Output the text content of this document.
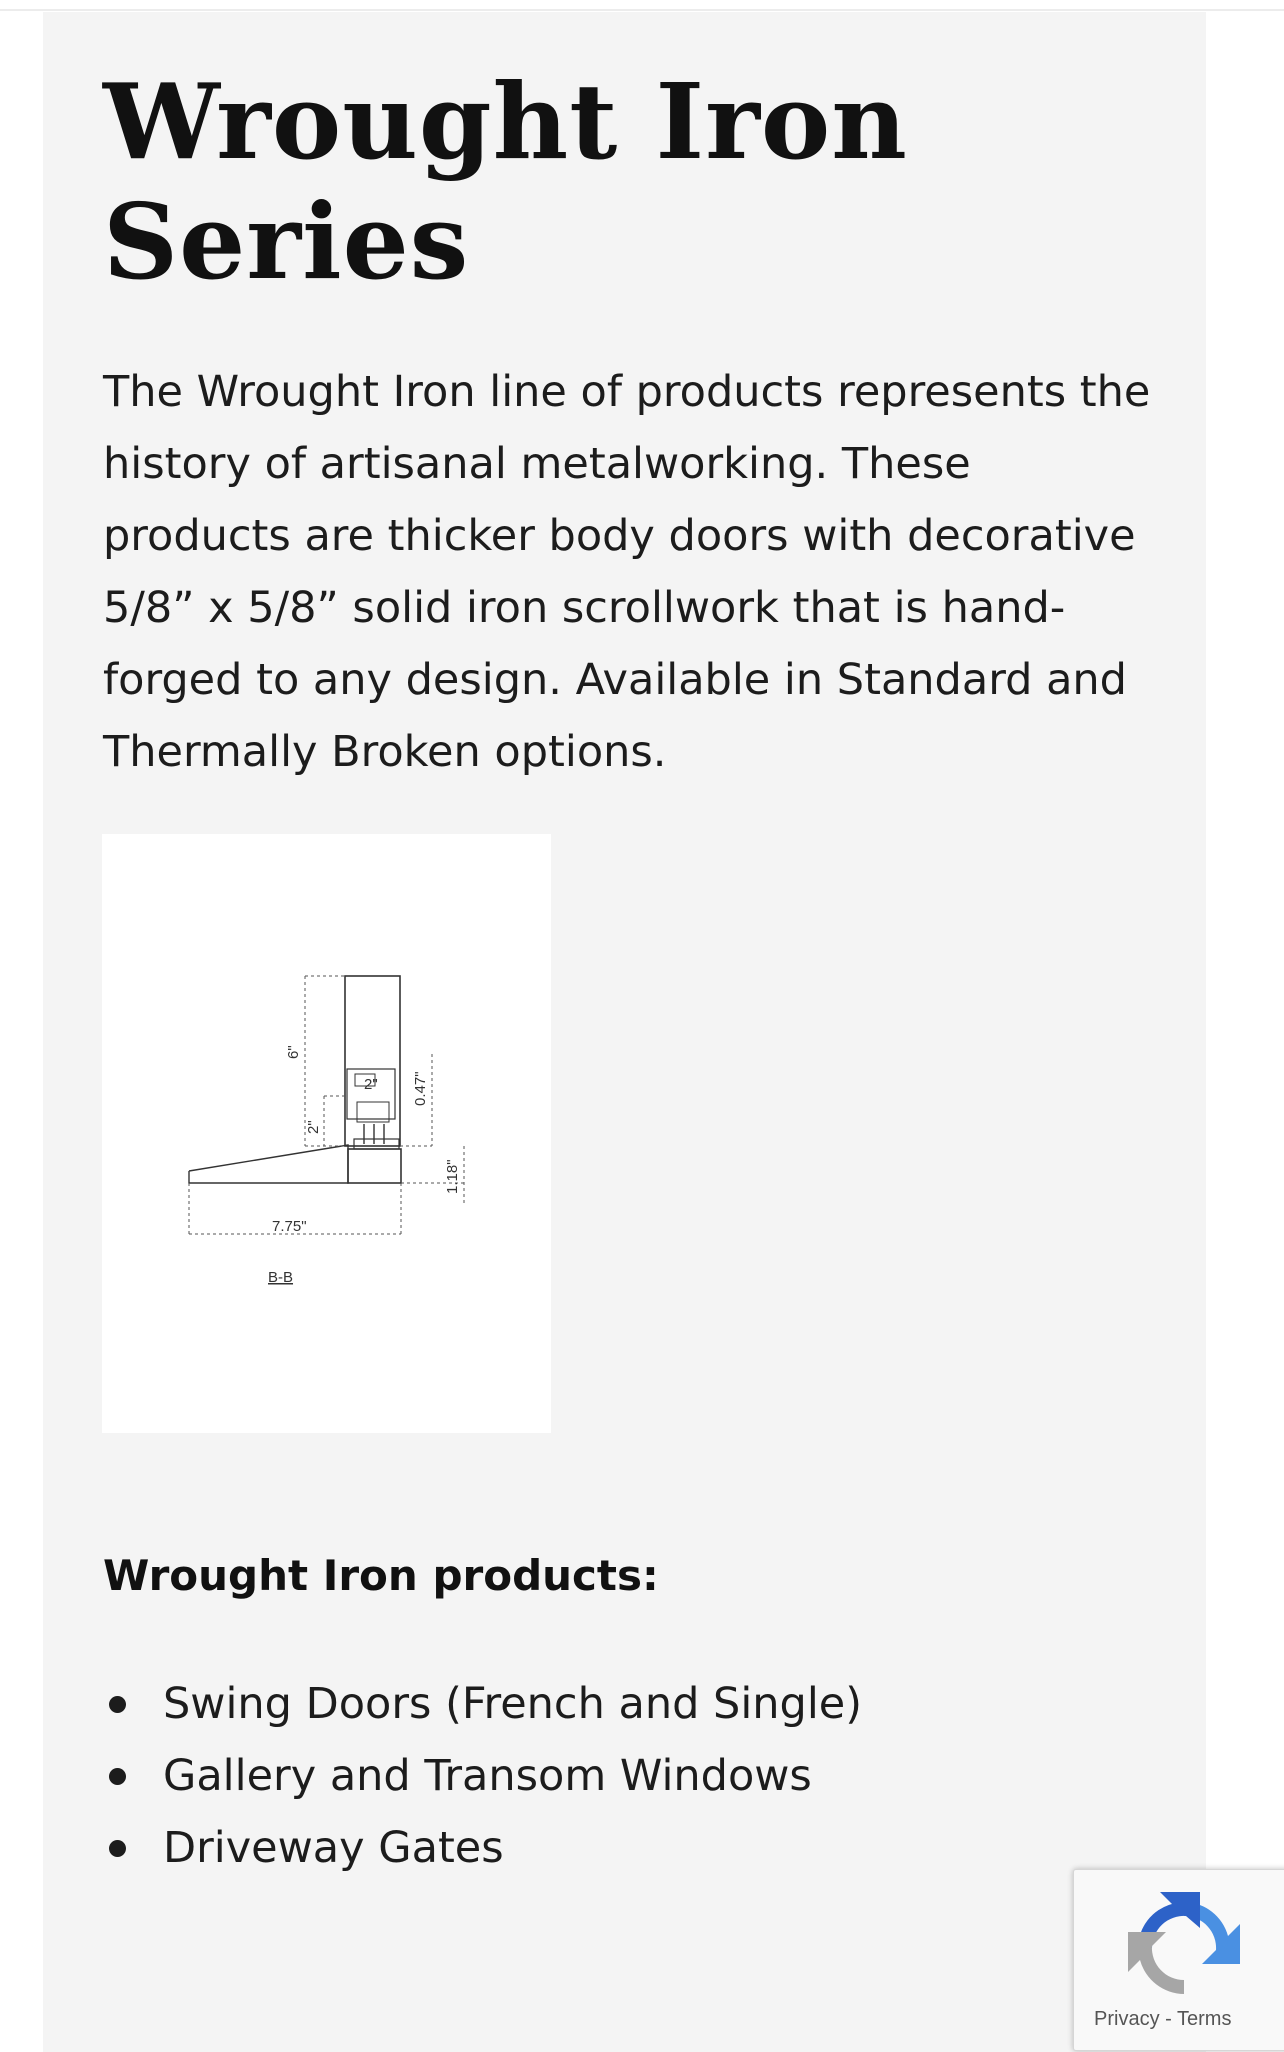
Wrought Iron Series

The Wrought Iron line of products represents the history of artisanal metalworking. These products are thicker body doors with decorative 5/8” x 5/8” solid iron scrollwork that is hand-forged to any design. Available in Standard and Thermally Broken options.

6"
2"
2" 0.47"
1.18"
7.75"
B-B
Wrought Iron products:
Swing Doors (French and Single)
Gallery and Transom Windows
Driveway Gates
Privacy - Terms
